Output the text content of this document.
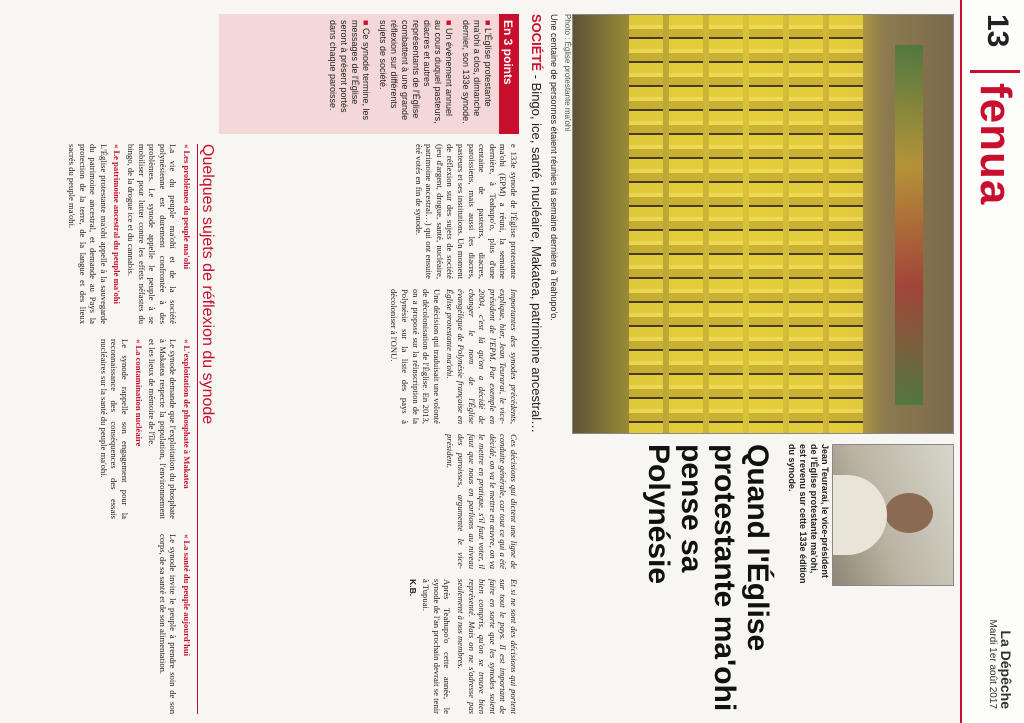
13
fenua
La Dépêche
Mardi 1er août 2017
Photo : Église protestante ma'ohi
Jean Teurarai, le vice-président de l'Église protestante ma'ohi, est revenu sur cette 133e édition du synode.
Quand l'Église protestante ma'ohi pense sa Polynésie
Une centaine de personnes étaient réunies la semaine dernière à Teahupo'o.
SOCIÉTÉ - Bingo, ice, santé, nucléaire, Makatea, patrimoine ancestral…
En 3 points

■ L'Église protestante ma'ohi a clos, dimanche dernier, son 133e synode.

■ Un évènement annuel au cours duquel pasteurs, diacres et autres représentants de l'Église combattent à une grande réflexion sur différents sujets de société.

■ Ce synode termine, les messages de l'Église seront à présent portés dans chaque paroisse.

e 133e synode de l'Église protestante ma'ohi (EPM) a réuni, la semaine dernière, à Teahupo'o, plus d'une centaine de pasteurs, diacres, paroissiens, mais aussi les diacres, pasteurs et ses institutions. Un moment de réflexion sur des sujets de société (jeu d'argent, drogue, santé, nucléaire, patrimoine ancestral…) qui ont ensuite été votés en fin de synode.

Importantes des synodes précédents, explique, hier, Jean Teurarai, le vice-président de l'EPM. Par exemple en 2004, c'est là qu'on a décidé de changer le nom de l'Église évangélique de Polynésie française en Église protestante ma'ohi.

Une décision qui traduisait une volonté de décolonisation de l'Église. En 2013, on a proposé sur la réinscription de la Polynésie sur la liste des pays à décoloniser à l'ONU.

Ces décisions qui dictent une ligne de conduite générale, car tout ce qui a été décidé, on va le mettre en œuvre, on va le mettre en pratique, s'il faut voter, il faut que nous en parlions au niveau des paroisses, argumente le vice-président.

Et si ne sont des décisions qui portent sur tout le pays. Il est important de faire en sorte que les synodes soient bien compris, qu'on se trouve bien représenté. Mais on ne s'adresse pas seulement à nos membres.

Après Teahupo'o cette année, le synode de l'an prochain devrait se tenir à Tupuai.

K.B.

Quelques sujets de réflexion du synode

« Les problèmes du peuple ma'ohi

La vie du peuple ma'ohi et de la société polynésienne est durement confrontée à des problèmes. Le synode appelle le peuple à se mobiliser pour lutter contre les effets néfastes du bingo, de la drogue ice et du cannabis.

« Le patrimoine ancestral du peuple ma'ohi

L'Église protestante ma'ohi appelle à la sauvegarde du patrimoine ancestral, et demande au Pays la protection de la terre, de la langue et des lieux sacrés du peuple ma'ohi.

« L'exploitation de phosphate à Makatea

Le synode demande que l'exploitation du phosphate à Makatea respecte la population, l'environnement et les lieux de mémoire de l'île.

« La contamination nucléaire

Le synode rappelle son engagement pour la reconnaissance des conséquences des essais nucléaires sur la santé du peuple ma'ohi.

« La santé du peuple aujourd'hui

Le synode invite le peuple à prendre soin de son corps, de sa santé et de son alimentation.
